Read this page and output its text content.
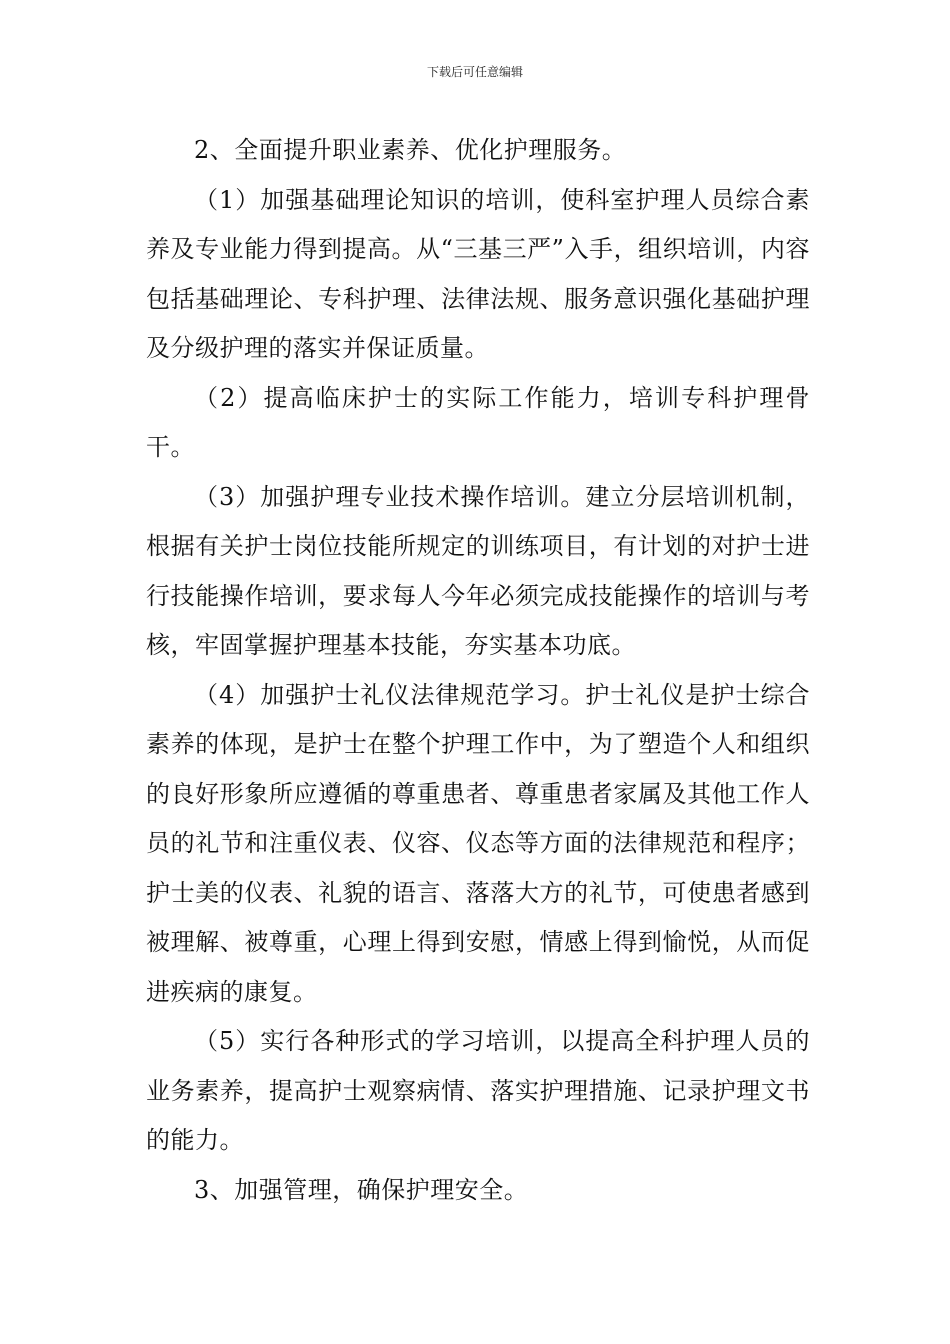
下载后可任意编辑

2、全面提升职业素养、优化护理服务。

（1）加强基础理论知识的培训，使科室护理人员综合素养及专业能力得到提高。从“三基三严”入手，组织培训，内容包括基础理论、专科护理、法律法规、服务意识强化基础护理及分级护理的落实并保证质量。

（2）提高临床护士的实际工作能力，培训专科护理骨干。

（3）加强护理专业技术操作培训。建立分层培训机制，根据有关护士岗位技能所规定的训练项目，有计划的对护士进行技能操作培训，要求每人今年必须完成技能操作的培训与考核，牢固掌握护理基本技能，夯实基本功底。

（4）加强护士礼仪法律规范学习。护士礼仪是护士综合素养的体现，是护士在整个护理工作中，为了塑造个人和组织的良好形象所应遵循的尊重患者、尊重患者家属及其他工作人员的礼节和注重仪表、仪容、仪态等方面的法律规范和程序；护士美的仪表、礼貌的语言、落落大方的礼节，可使患者感到被理解、被尊重，心理上得到安慰，情感上得到愉悦，从而促进疾病的康复。

（5）实行各种形式的学习培训，以提高全科护理人员的业务素养，提高护士观察病情、落实护理措施、记录护理文书的能力。

3、加强管理，确保护理安全。
